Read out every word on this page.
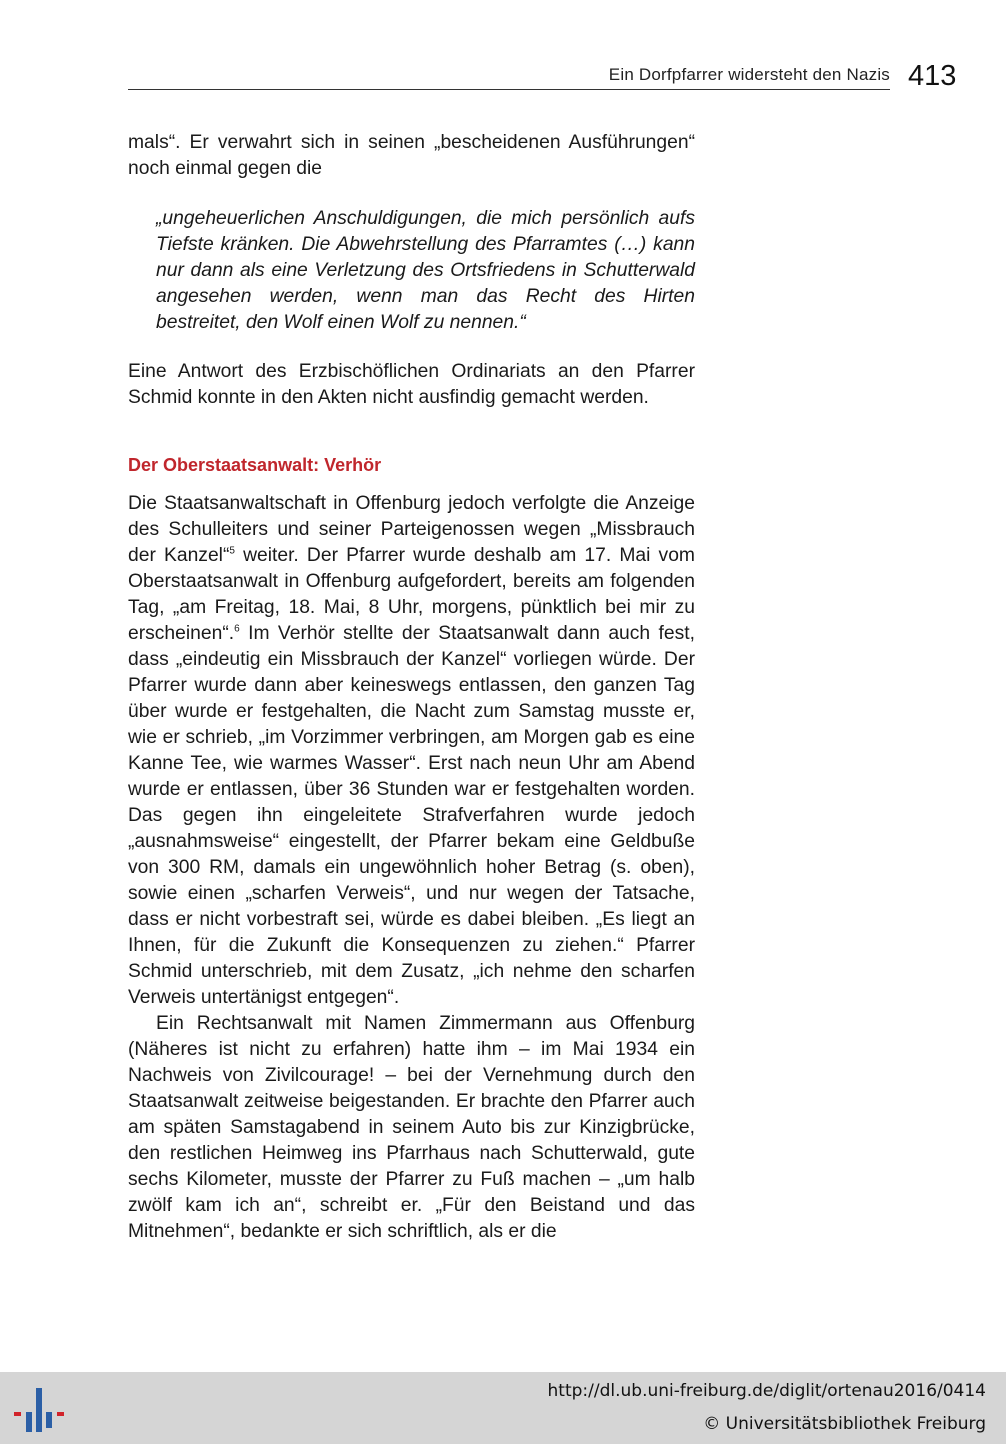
Ein Dorfpfarrer widersteht den Nazis 413

mals“. Er verwahrt sich in seinen „bescheidenen Ausführungen“ noch einmal gegen die

„ungeheuerlichen Anschuldigungen, die mich persönlich aufs Tiefste kränken. Die Abwehrstellung des Pfarramtes (…) kann nur dann als eine Verletzung des Ortsfriedens in Schutterwald angesehen werden, wenn man das Recht des Hirten bestreitet, den Wolf einen Wolf zu nennen.“

Eine Antwort des Erzbischöflichen Ordinariats an den Pfarrer Schmid konnte in den Akten nicht ausfindig gemacht werden.

Der Oberstaatsanwalt: Verhör

Die Staatsanwaltschaft in Offenburg jedoch verfolgte die Anzeige des Schulleiters und seiner Parteigenossen wegen „Missbrauch der Kanzel“$^5$ weiter. Der Pfarrer wurde deshalb am 17. Mai vom Oberstaatsanwalt in Offenburg aufgefordert, bereits am folgenden Tag, „am Freitag, 18. Mai, 8 Uhr, morgens, pünktlich bei mir zu erscheinen“.$^6$ Im Verhör stellte der Staatsanwalt dann auch fest, dass „eindeutig ein Missbrauch der Kanzel“ vorliegen würde. Der Pfarrer wurde dann aber keineswegs entlassen, den ganzen Tag über wurde er festgehalten, die Nacht zum Samstag musste er, wie er schrieb, „im Vorzimmer verbringen, am Morgen gab es eine Kanne Tee, wie warmes Wasser“. Erst nach neun Uhr am Abend wurde er entlassen, über 36 Stunden war er festgehalten worden. Das gegen ihn eingeleitete Strafverfahren wurde jedoch „ausnahmsweise“ eingestellt, der Pfarrer bekam eine Geldbuße von 300 RM, damals ein ungewöhnlich hoher Betrag (s. oben), sowie einen „scharfen Verweis“, und nur wegen der Tatsache, dass er nicht vorbestraft sei, würde es dabei bleiben. „Es liegt an Ihnen, für die Zukunft die Konsequenzen zu ziehen.“ Pfarrer Schmid unterschrieb, mit dem Zusatz, „ich nehme den scharfen Verweis untertänigst entgegen“.

Ein Rechtsanwalt mit Namen Zimmermann aus Offenburg (Näheres ist nicht zu erfahren) hatte ihm – im Mai 1934 ein Nachweis von Zivilcourage! – bei der Vernehmung durch den Staatsanwalt zeitweise beigestanden. Er brachte den Pfarrer auch am späten Samstagabend in seinem Auto bis zur Kinzigbrücke, den restlichen Heimweg ins Pfarrhaus nach Schutterwald, gute sechs Kilometer, musste der Pfarrer zu Fuß machen – „um halb zwölf kam ich an“, schreibt er. „Für den Beistand und das Mitnehmen“, bedankte er sich schriftlich, als er die

http://dl.ub.uni-freiburg.de/diglit/ortenau2016/0414
© Universitätsbibliothek Freiburg
